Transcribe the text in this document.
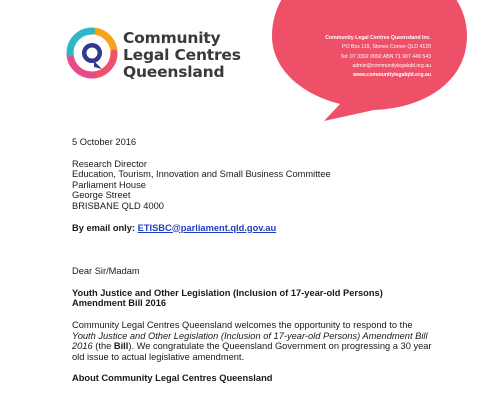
Community
Legal Centres
Queensland
Community Legal Centres Queensland Inc.
PO Box 119, Stones Corner QLD 4120
Tel: 07 3392 0092 ABN 71 907 449 543
admin@communitylegalqld.org.au
www.communitylegalqld.org.au

5 October 2016

Research Director
Education, Tourism, Innovation and Small Business Committee
Parliament House
George Street
BRISBANE QLD 4000

By email only: ETISBC@parliament.qld.gov.au

Dear Sir/Madam

Youth Justice and Other Legislation (Inclusion of 17-year-old Persons) Amendment Bill 2016

Community Legal Centres Queensland welcomes the opportunity to respond to the Youth Justice and Other Legislation (Inclusion of 17-year-old Persons) Amendment Bill 2016 (the Bill). We congratulate the Queensland Government on progressing a 30 year old issue to actual legislative amendment.

About Community Legal Centres Queensland
